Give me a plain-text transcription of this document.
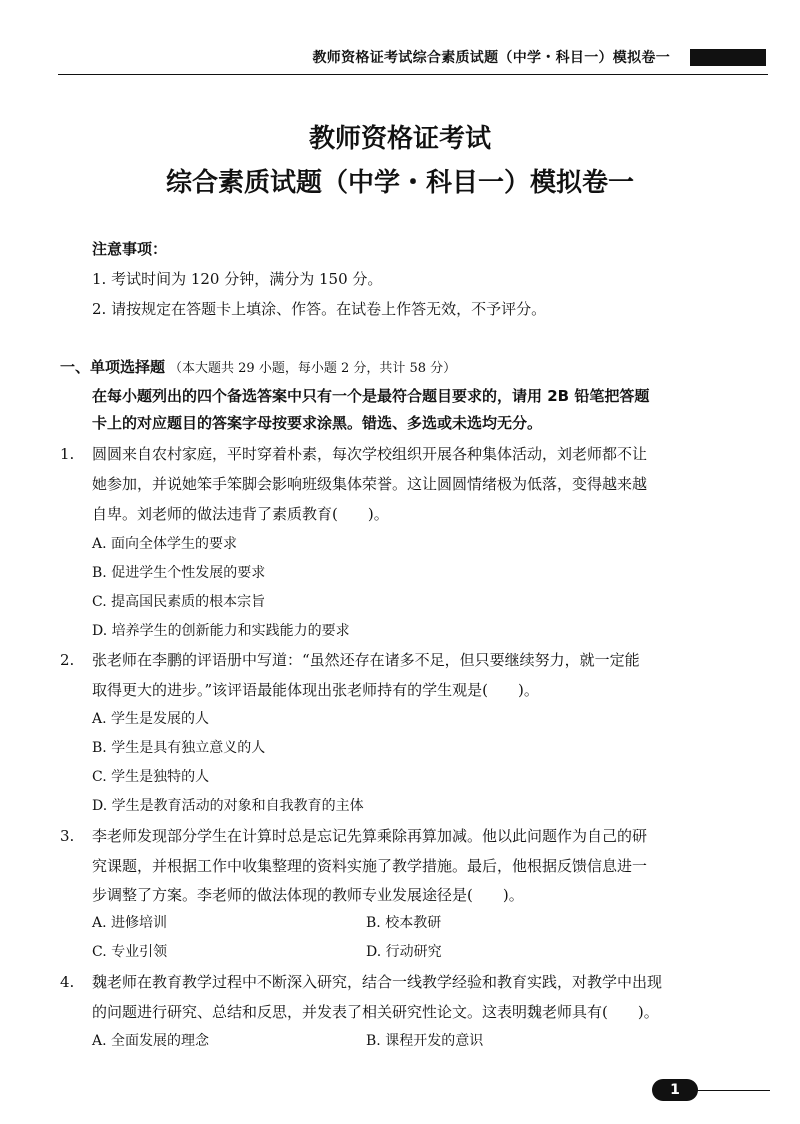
教师资格证考试综合素质试题（中学・科目一）模拟卷一
教师资格证考试
综合素质试题（中学・科目一）模拟卷一
注意事项：
1. 考试时间为 120 分钟，满分为 150 分。
2. 请按规定在答题卡上填涂、作答。在试卷上作答无效，不予评分。
一、单项选择题 （本大题共 29 小题，每小题 2 分，共计 58 分）
在每小题列出的四个备选答案中只有一个是最符合题目要求的，请用 2B 铅笔把答题
卡上的对应题目的答案字母按要求涂黑。错选、多选或未选均无分。
1. 圆圆来自农村家庭，平时穿着朴素，每次学校组织开展各种集体活动，刘老师都不让
她参加，并说她笨手笨脚会影响班级集体荣誉。这让圆圆情绪极为低落，变得越来越
自卑。刘老师的做法违背了素质教育(　　)。
A. 面向全体学生的要求
B. 促进学生个性发展的要求
C. 提高国民素质的根本宗旨
D. 培养学生的创新能力和实践能力的要求
2. 张老师在李鹏的评语册中写道：“虽然还存在诸多不足，但只要继续努力，就一定能
取得更大的进步。”该评语最能体现出张老师持有的学生观是(　　)。
A. 学生是发展的人
B. 学生是具有独立意义的人
C. 学生是独特的人
D. 学生是教育活动的对象和自我教育的主体
3. 李老师发现部分学生在计算时总是忘记先算乘除再算加减。他以此问题作为自己的研
究课题，并根据工作中收集整理的资料实施了教学措施。最后，他根据反馈信息进一
步调整了方案。李老师的做法体现的教师专业发展途径是(　　)。
A. 进修培训	B. 校本教研
C. 专业引领	D. 行动研究
4. 魏老师在教育教学过程中不断深入研究，结合一线教学经验和教育实践，对教学中出现
的问题进行研究、总结和反思，并发表了相关研究性论文。这表明魏老师具有(　　)。
A. 全面发展的理念	B. 课程开发的意识
1
